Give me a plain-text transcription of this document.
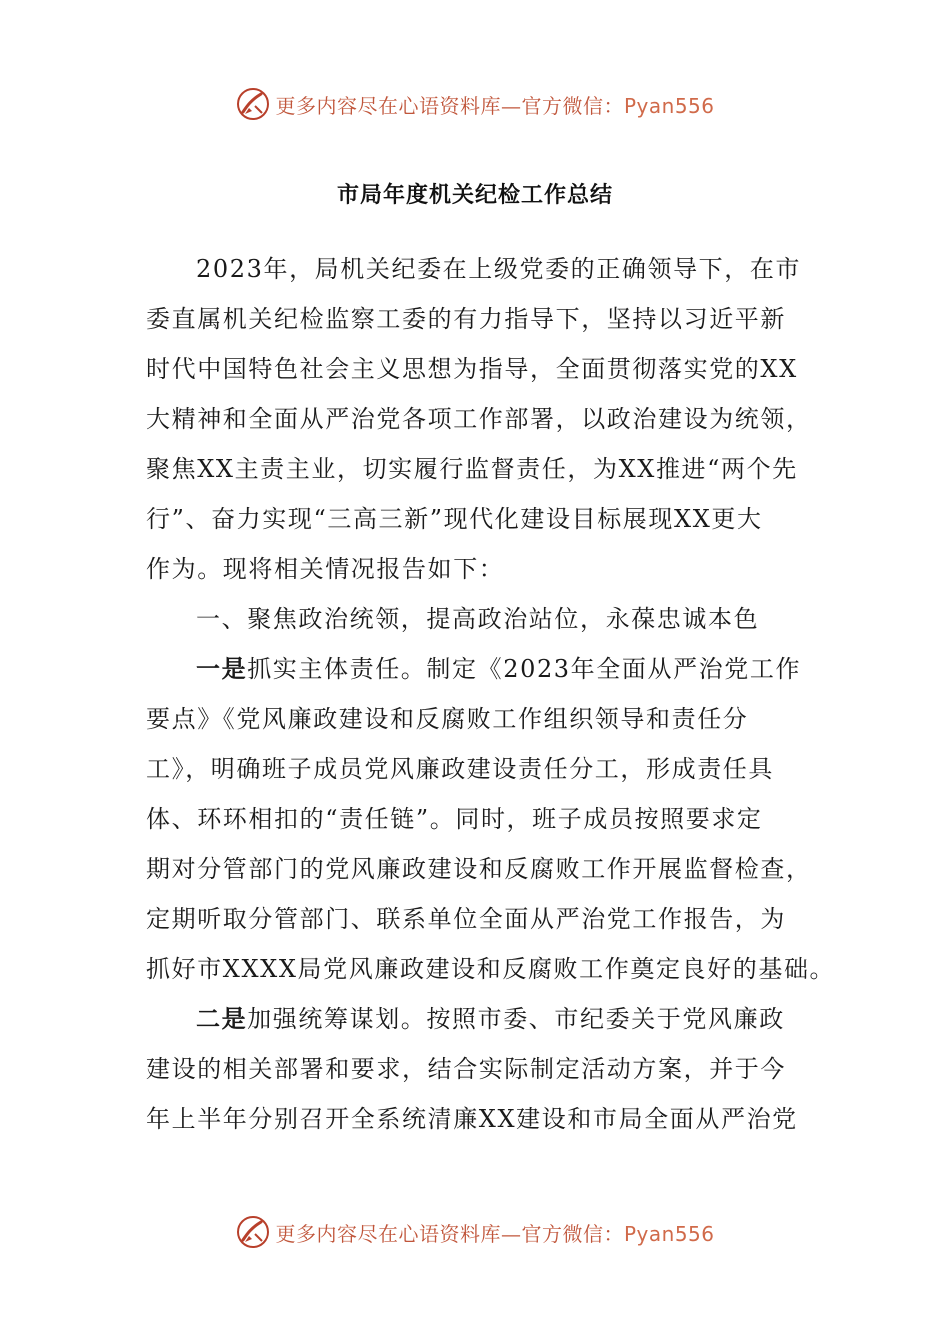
更多内容尽在心语资料库—官方微信：Pyan556
市局年度机关纪检工作总结
2023年，局机关纪委在上级党委的正确领导下，在市
委直属机关纪检监察工委的有力指导下，坚持以习近平新
时代中国特色社会主义思想为指导，全面贯彻落实党的XX
大精神和全面从严治党各项工作部署，以政治建设为统领，
聚焦XX主责主业，切实履行监督责任，为XX推进“两个先
行”、奋力实现“三高三新”现代化建设目标展现XX更大
作为。现将相关情况报告如下：
一、聚焦政治统领，提高政治站位，永葆忠诚本色
一是抓实主体责任。制定《2023年全面从严治党工作
要点》《党风廉政建设和反腐败工作组织领导和责任分
工》，明确班子成员党风廉政建设责任分工，形成责任具
体、环环相扣的“责任链”。同时，班子成员按照要求定
期对分管部门的党风廉政建设和反腐败工作开展监督检查，
定期听取分管部门、联系单位全面从严治党工作报告，为
抓好市XXXX局党风廉政建设和反腐败工作奠定良好的基础。
二是加强统筹谋划。按照市委、市纪委关于党风廉政
建设的相关部署和要求，结合实际制定活动方案，并于今
年上半年分别召开全系统清廉XX建设和市局全面从严治党
更多内容尽在心语资料库—官方微信：Pyan556
